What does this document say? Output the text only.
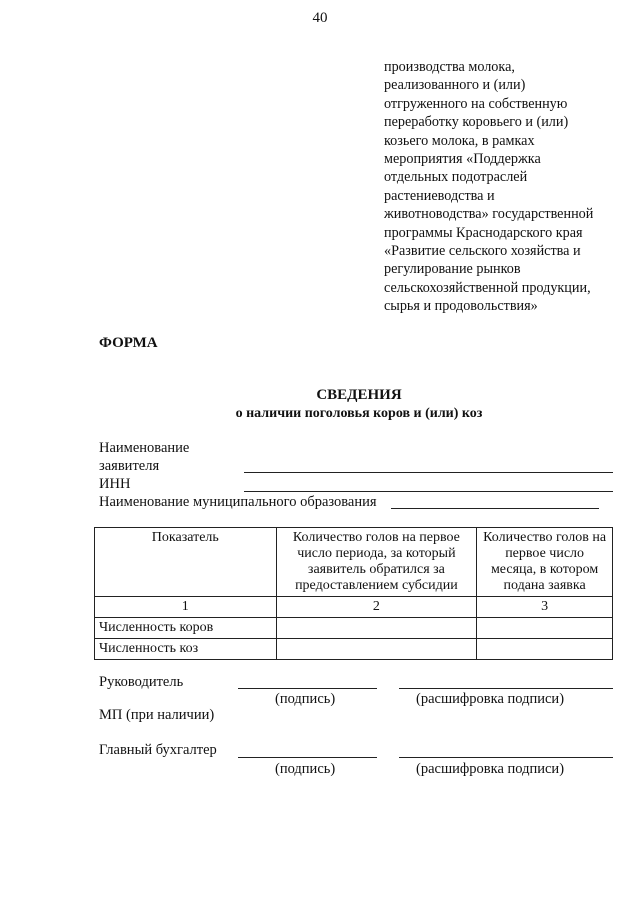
40
производства молока,
реализованного и (или)
отгруженного на собственную
переработку коровьего и (или)
козьего молока, в рамках
мероприятия «Поддержка
отдельных подотраслей
растениеводства и
животноводства» государственной
программы Краснодарского края
«Развитие сельского хозяйства и
регулирование рынков
сельскохозяйственной продукции,
сырья и продовольствия»
ФОРМА
СВЕДЕНИЯ
о наличии поголовья коров и (или) коз
Наименование
заявителя
ИНН
Наименование муниципального образования
Показатель	Количество голов на первое число периода, за который заявитель обратился за предоставлением субсидии	Количество голов на первое число месяца, в котором подана заявка
1	2	3
Численность коров		
Численность коз		
Руководитель
(подпись)	(расшифровка подписи)
МП (при наличии)
Главный бухгалтер
(подпись)	(расшифровка подписи)
